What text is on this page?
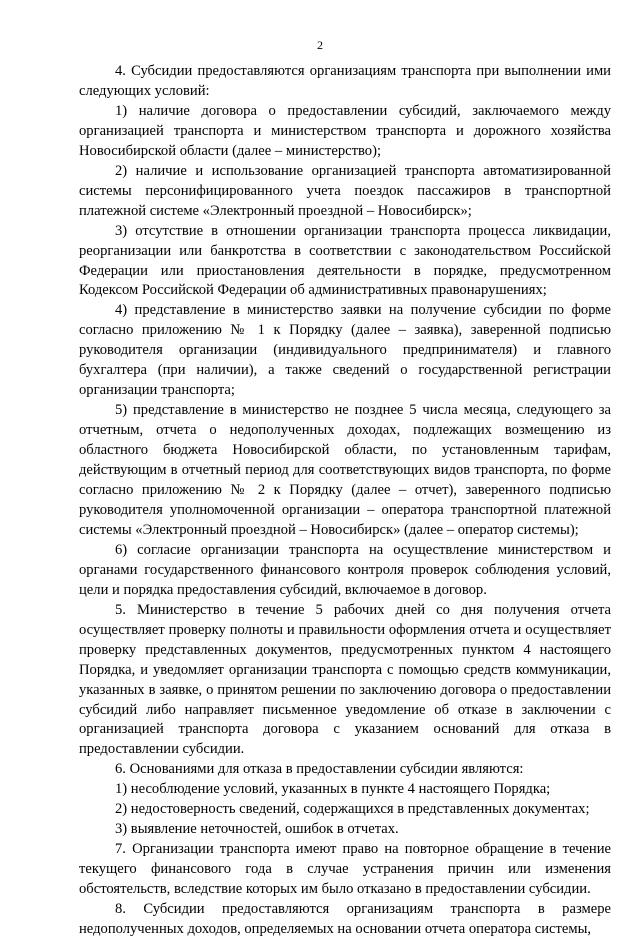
2

4. Субсидии предоставляются организациям транспорта при выполнении ими следующих условий:

1) наличие договора о предоставлении субсидий, заключаемого между организацией транспорта и министерством транспорта и дорожного хозяйства Новосибирской области (далее – министерство);

2) наличие и использование организацией транспорта автоматизированной системы персонифицированного учета поездок пассажиров в транспортной платежной системе «Электронный проездной – Новосибирск»;

3) отсутствие в отношении организации транспорта процесса ликвидации, реорганизации или банкротства в соответствии с законодательством Российской Федерации или приостановления деятельности в порядке, предусмотренном Кодексом Российской Федерации об административных правонарушениях;

4) представление в министерство заявки на получение субсидии по форме согласно приложению № 1 к Порядку (далее – заявка), заверенной подписью руководителя организации (индивидуального предпринимателя) и главного бухгалтера (при наличии), а также сведений о государственной регистрации организации транспорта;

5) представление в министерство не позднее 5 числа месяца, следующего за отчетным, отчета о недополученных доходах, подлежащих возмещению из областного бюджета Новосибирской области, по установленным тарифам, действующим в отчетный период для соответствующих видов транспорта, по форме согласно приложению № 2 к Порядку (далее – отчет), заверенного подписью руководителя уполномоченной организации – оператора транспортной платежной системы «Электронный проездной – Новосибирск» (далее – оператор системы);

6) согласие организации транспорта на осуществление министерством и органами государственного финансового контроля проверок соблюдения условий, цели и порядка предоставления субсидий, включаемое в договор.

5. Министерство в течение 5 рабочих дней со дня получения отчета осуществляет проверку полноты и правильности оформления отчета и осуществляет проверку представленных документов, предусмотренных пунктом 4 настоящего Порядка, и уведомляет организации транспорта с помощью средств коммуникации, указанных в заявке, о принятом решении по заключению договора о предоставлении субсидий либо направляет письменное уведомление об отказе в заключении с организацией транспорта договора с указанием оснований для отказа в предоставлении субсидии.

6. Основаниями для отказа в предоставлении субсидии являются:

1) несоблюдение условий, указанных в пункте 4 настоящего Порядка;

2) недостоверность сведений, содержащихся в представленных документах;

3) выявление неточностей, ошибок в отчетах.

7. Организации транспорта имеют право на повторное обращение в течение текущего финансового года в случае устранения причин или изменения обстоятельств, вследствие которых им было отказано в предоставлении субсидии.

8. Субсидии предоставляются организациям транспорта в размере недополученных доходов, определяемых на основании отчета оператора системы,
